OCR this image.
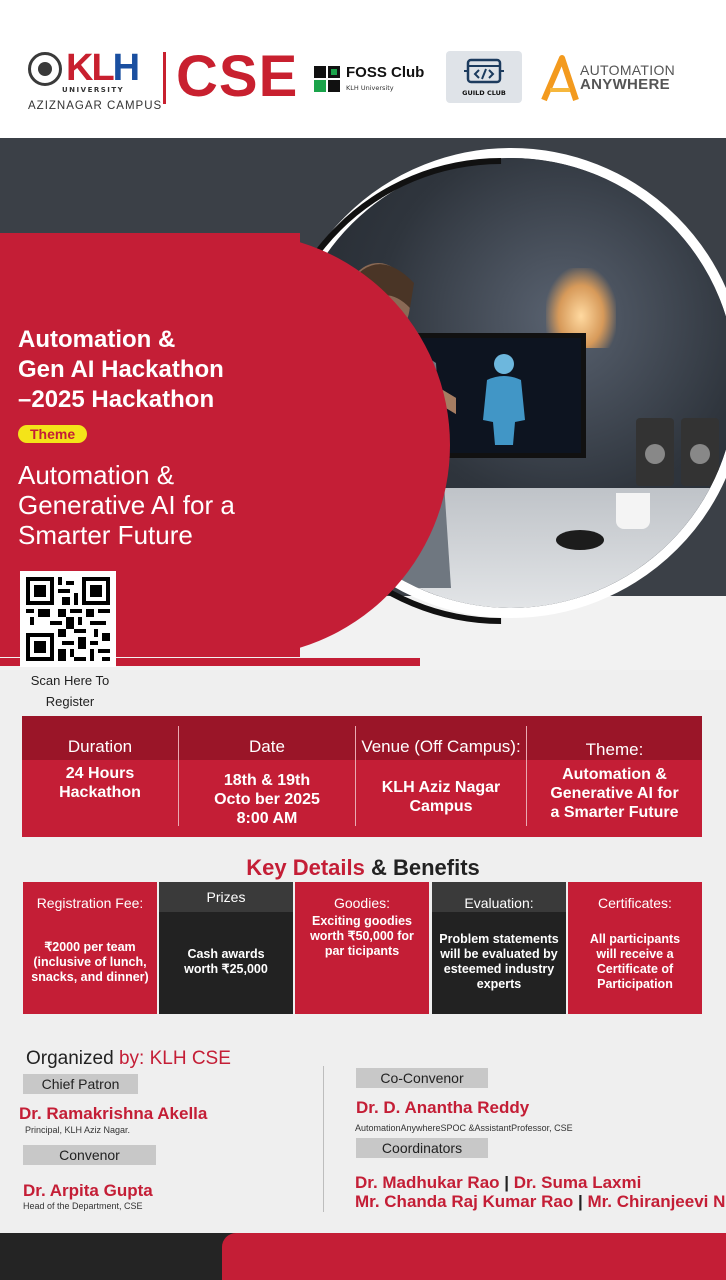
KLH
UNIVERSITY
AZIZNAGAR CAMPUS CSE	FOSS Club
KLH University
GUILD CLUB
AUTOMATION
ANYWHERE
Automation &
Gen AI Hackathon
–2025 Hackathon
Theme
Automation &
Generative AI for a
Smarter Future
Scan Here To
Register
Duration
24 Hours
Hackathon
Date
18th & 19th
Octo ber 2025
8:00 AM
Venue (Off Campus):
KLH Aziz Nagar
Campus
Theme:
Automation &
Generative AI for
a Smarter Future
Key Details & Benefits
Registration Fee:
₹2000 per team
(inclusive of lunch,
snacks, and dinner)
Prizes
Cash awards
worth ₹25,000
Goodies:
Exciting goodies
worth ₹50,000 for
par ticipants
Evaluation:
Problem statements
will be evaluated by
esteemed industry
experts
Certificates:
All participants
will receive a
Certificate of
Participation
Organized by: KLH CSE
Chief Patron
Dr. Ramakrishna Akella
Principal, KLH Aziz Nagar.
Convenor
Dr. Arpita Gupta
Head of the Department, CSE
Co-Convenor
Dr. D. Anantha Reddy
AutomationAnywhereSPOC &AssistantProfessor, CSE
Coordinators
Dr. Madhukar Rao | Dr. Suma Laxmi
Mr. Chanda Raj Kumar Rao | Mr. Chiranjeevi N
